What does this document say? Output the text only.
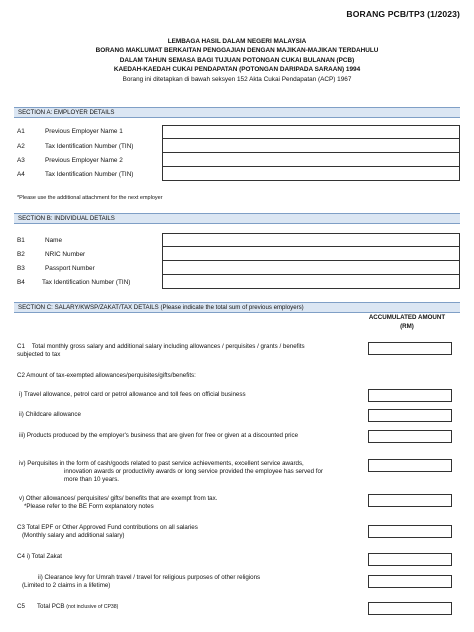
BORANG PCB/TP3 (1/2023)
LEMBAGA HASIL DALAM NEGERI MALAYSIA
BORANG MAKLUMAT BERKAITAN PENGGAJIAN DENGAN MAJIKAN-MAJIKAN TERDAHULU
DALAM TAHUN SEMASA BAGI TUJUAN POTONGAN CUKAI BULANAN (PCB)
KAEDAH-KAEDAH CUKAI PENDAPATAN (POTONGAN DARIPADA SARAAN) 1994
Borang ini ditetapkan di bawah seksyen 152 Akta Cukai Pendapatan (ACP) 1967
SECTION A: EMPLOYER DETAILS
A1	Previous Employer Name 1
A2	Tax Identification Number (TIN)
A3	Previous Employer Name 2
A4	Tax Identification Number (TIN)
*Please use the additional attachment for the next employer
SECTION B: INDIVIDUAL DETAILS
B1	Name
B2	NRIC Number
B3	Passport Number
B4	Tax Identification Number (TIN)
SECTION C: SALARY/KWSP/ZAKAT/TAX DETAILS (Please indicate the total sum of previous employers)
ACCUMULATED AMOUNT
(RM)
C1 Total monthly gross salary and additional salary including allowances / perquisites / grants / benefits
subjected to tax
C2 Amount of tax-exempted allowances/perquisites/gifts/benefits:
i) Travel allowance, petrol card or petrol allowance and toll fees on official business
ii) Childcare allowance
iii) Products produced by the employer's business that are given for free or given at a discounted price
iv) Perquisites in the form of cash/goods related to past service achievements, excellent service awards,
innovation awards or productivity awards or long service provided the employee has served for
more than 10 years.
v) Other allowances/ perquisites/ gifts/ benefits that are exempt from tax.
*Please refer to the BE Form explanatory notes
C3 Total EPF or Other Approved Fund contributions on all salaries
(Monthly salary and additional salary)
C4 i) Total Zakat
ii) Clearance levy for Umrah travel / travel for religious purposes of other religions
(Limited to 2 claims in a lifetime)
C5 Total PCB (not inclusive of CP38)
